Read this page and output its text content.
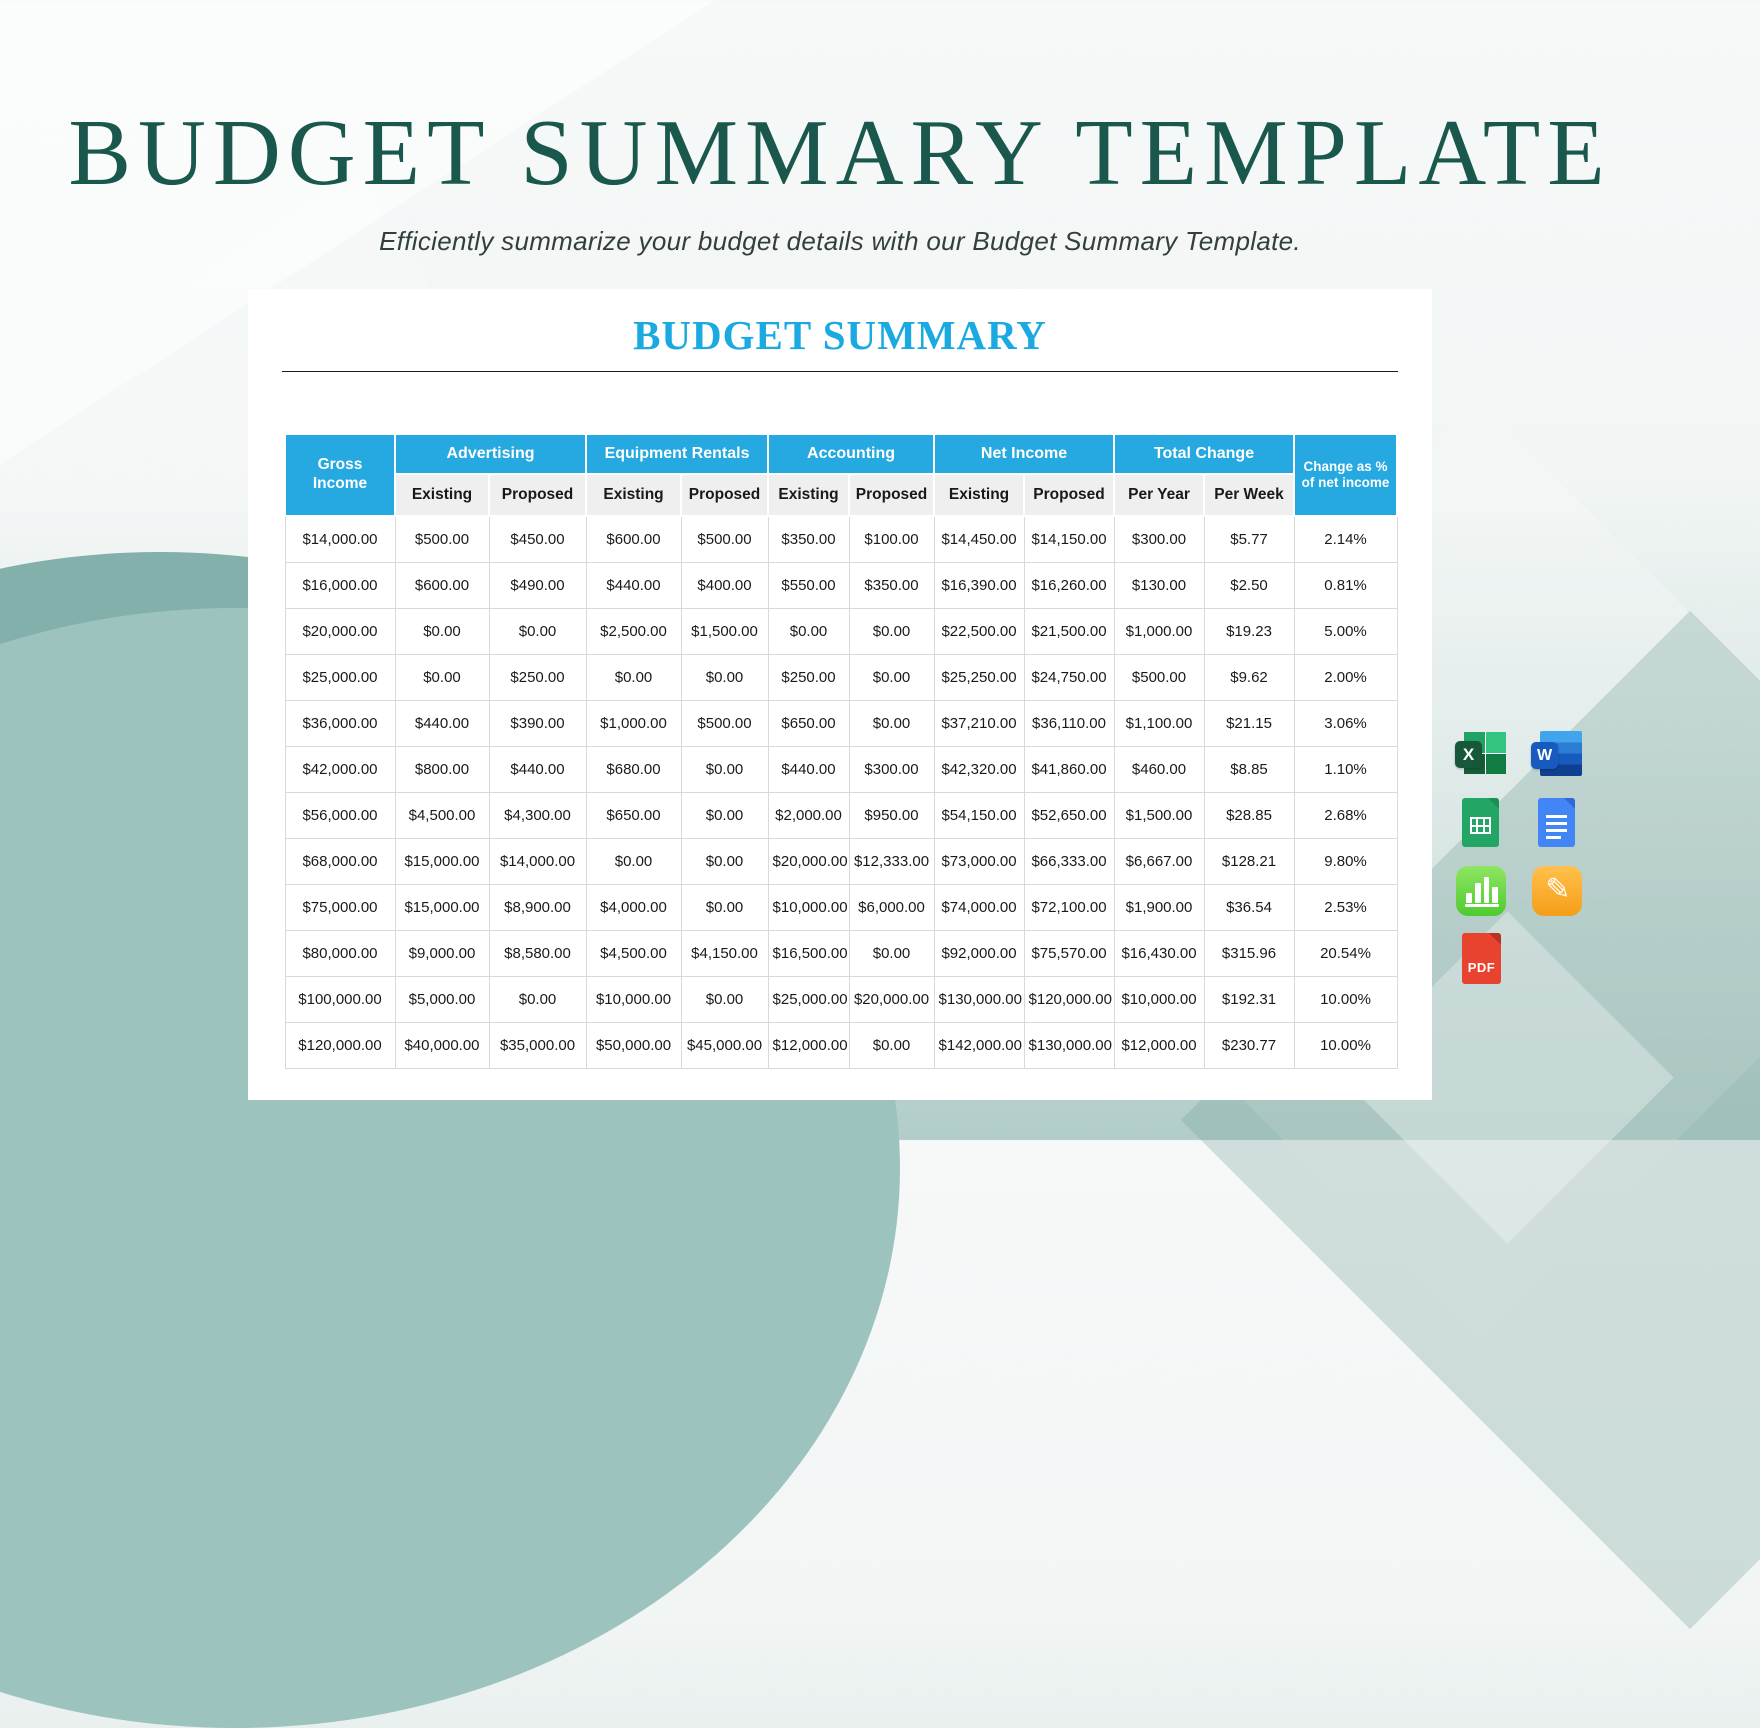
BUDGET SUMMARY TEMPLATE

Efficiently summarize your budget details with our Budget Summary Template.

BUDGET SUMMARY
Gross Income	Advertising		Equipment Rentals		Accounting		Net Income		Total Change		Change as % of net income
	Existing	Proposed	Existing	Proposed	Existing	Proposed	Existing	Proposed	Per Year	Per Week	
$14,000.00	$500.00	$450.00	$600.00	$500.00	$350.00	$100.00	$14,450.00	$14,150.00	$300.00	$5.77	2.14%
$16,000.00	$600.00	$490.00	$440.00	$400.00	$550.00	$350.00	$16,390.00	$16,260.00	$130.00	$2.50	0.81%
$20,000.00	$0.00	$0.00	$2,500.00	$1,500.00	$0.00	$0.00	$22,500.00	$21,500.00	$1,000.00	$19.23	5.00%
$25,000.00	$0.00	$250.00	$0.00	$0.00	$250.00	$0.00	$25,250.00	$24,750.00	$500.00	$9.62	2.00%
$36,000.00	$440.00	$390.00	$1,000.00	$500.00	$650.00	$0.00	$37,210.00	$36,110.00	$1,100.00	$21.15	3.06%
$42,000.00	$800.00	$440.00	$680.00	$0.00	$440.00	$300.00	$42,320.00	$41,860.00	$460.00	$8.85	1.10%
$56,000.00	$4,500.00	$4,300.00	$650.00	$0.00	$2,000.00	$950.00	$54,150.00	$52,650.00	$1,500.00	$28.85	2.68%
$68,000.00	$15,000.00	$14,000.00	$0.00	$0.00	$20,000.00	$12,333.00	$73,000.00	$66,333.00	$6,667.00	$128.21	9.80%
$75,000.00	$15,000.00	$8,900.00	$4,000.00	$0.00	$10,000.00	$6,000.00	$74,000.00	$72,100.00	$1,900.00	$36.54	2.53%
$80,000.00	$9,000.00	$8,580.00	$4,500.00	$4,150.00	$16,500.00	$0.00	$92,000.00	$75,570.00	$16,430.00	$315.96	20.54%
$100,000.00	$5,000.00	$0.00	$10,000.00	$0.00	$25,000.00	$20,000.00	$130,000.00	$120,000.00	$10,000.00	$192.31	10.00%
$120,000.00	$40,000.00	$35,000.00	$50,000.00	$45,000.00	$12,000.00	$0.00	$142,000.00	$130,000.00	$12,000.00	$230.77	10.00%
X	W
✎
PDF
